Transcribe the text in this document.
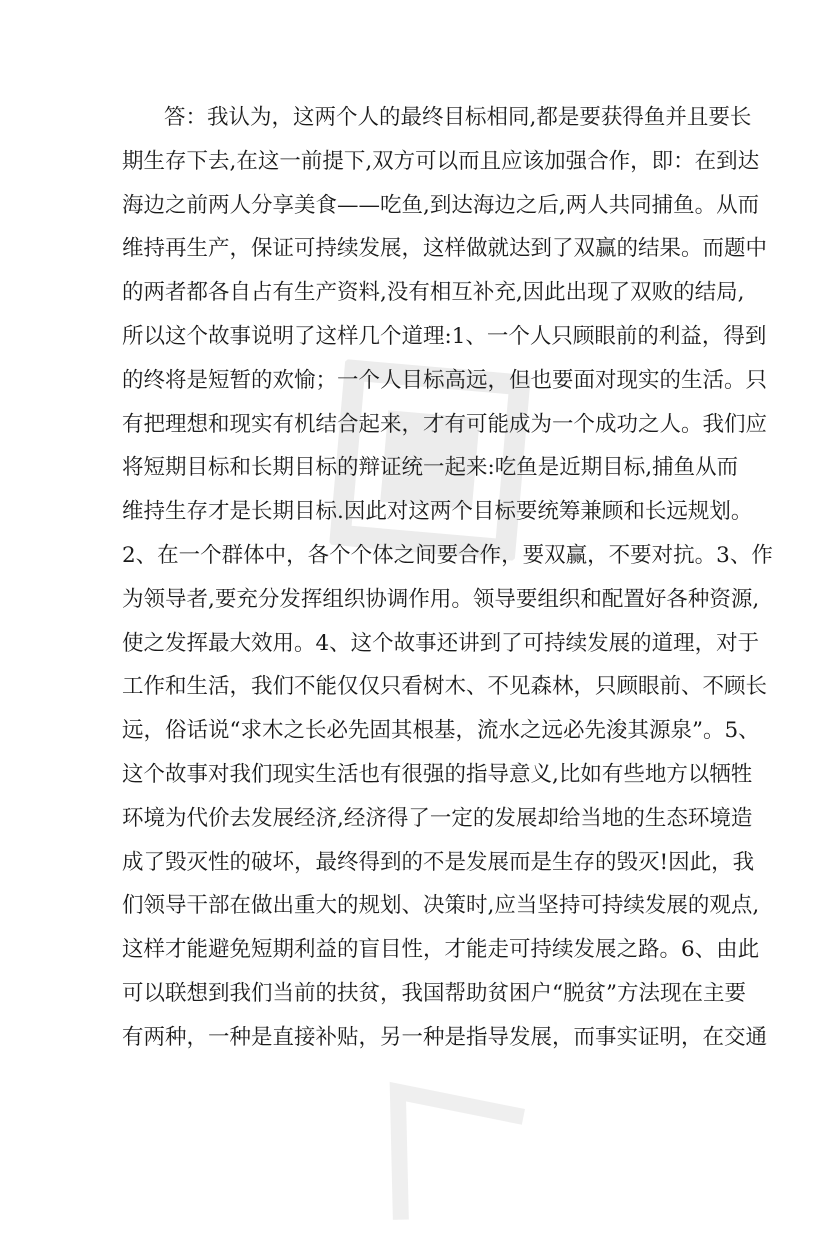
答：我认为，这两个人的最终目标相同,都是要获得鱼并且要长
期生存下去,在这一前提下,双方可以而且应该加强合作，即：在到达
海边之前两人分享美食——吃鱼,到达海边之后,两人共同捕鱼。从而
维持再生产，保证可持续发展，这样做就达到了双赢的结果。而题中
的两者都各自占有生产资料,没有相互补充,因此出现了双败的结局,
所以这个故事说明了这样几个道理:1、一个人只顾眼前的利益，得到
的终将是短暂的欢愉；一个人目标高远，但也要面对现实的生活。只
有把理想和现实有机结合起来，才有可能成为一个成功之人。我们应
将短期目标和长期目标的辩证统一起来:吃鱼是近期目标,捕鱼从而
维持生存才是长期目标.因此对这两个目标要统筹兼顾和长远规划。
2、在一个群体中，各个个体之间要合作，要双赢，不要对抗。3、作
为领导者,要充分发挥组织协调作用。领导要组织和配置好各种资源,
使之发挥最大效用。4、这个故事还讲到了可持续发展的道理，对于
工作和生活，我们不能仅仅只看树木、不见森林，只顾眼前、不顾长
远，俗话说“求木之长必先固其根基，流水之远必先浚其源泉”。5、
这个故事对我们现实生活也有很强的指导意义,比如有些地方以牺牲
环境为代价去发展经济,经济得了一定的发展却给当地的生态环境造
成了毁灭性的破坏，最终得到的不是发展而是生存的毁灭!因此，我
们领导干部在做出重大的规划、决策时,应当坚持可持续发展的观点,
这样才能避免短期利益的盲目性，才能走可持续发展之路。6、由此
可以联想到我们当前的扶贫，我国帮助贫困户“脱贫”方法现在主要
有两种，一种是直接补贴，另一种是指导发展，而事实证明，在交通
